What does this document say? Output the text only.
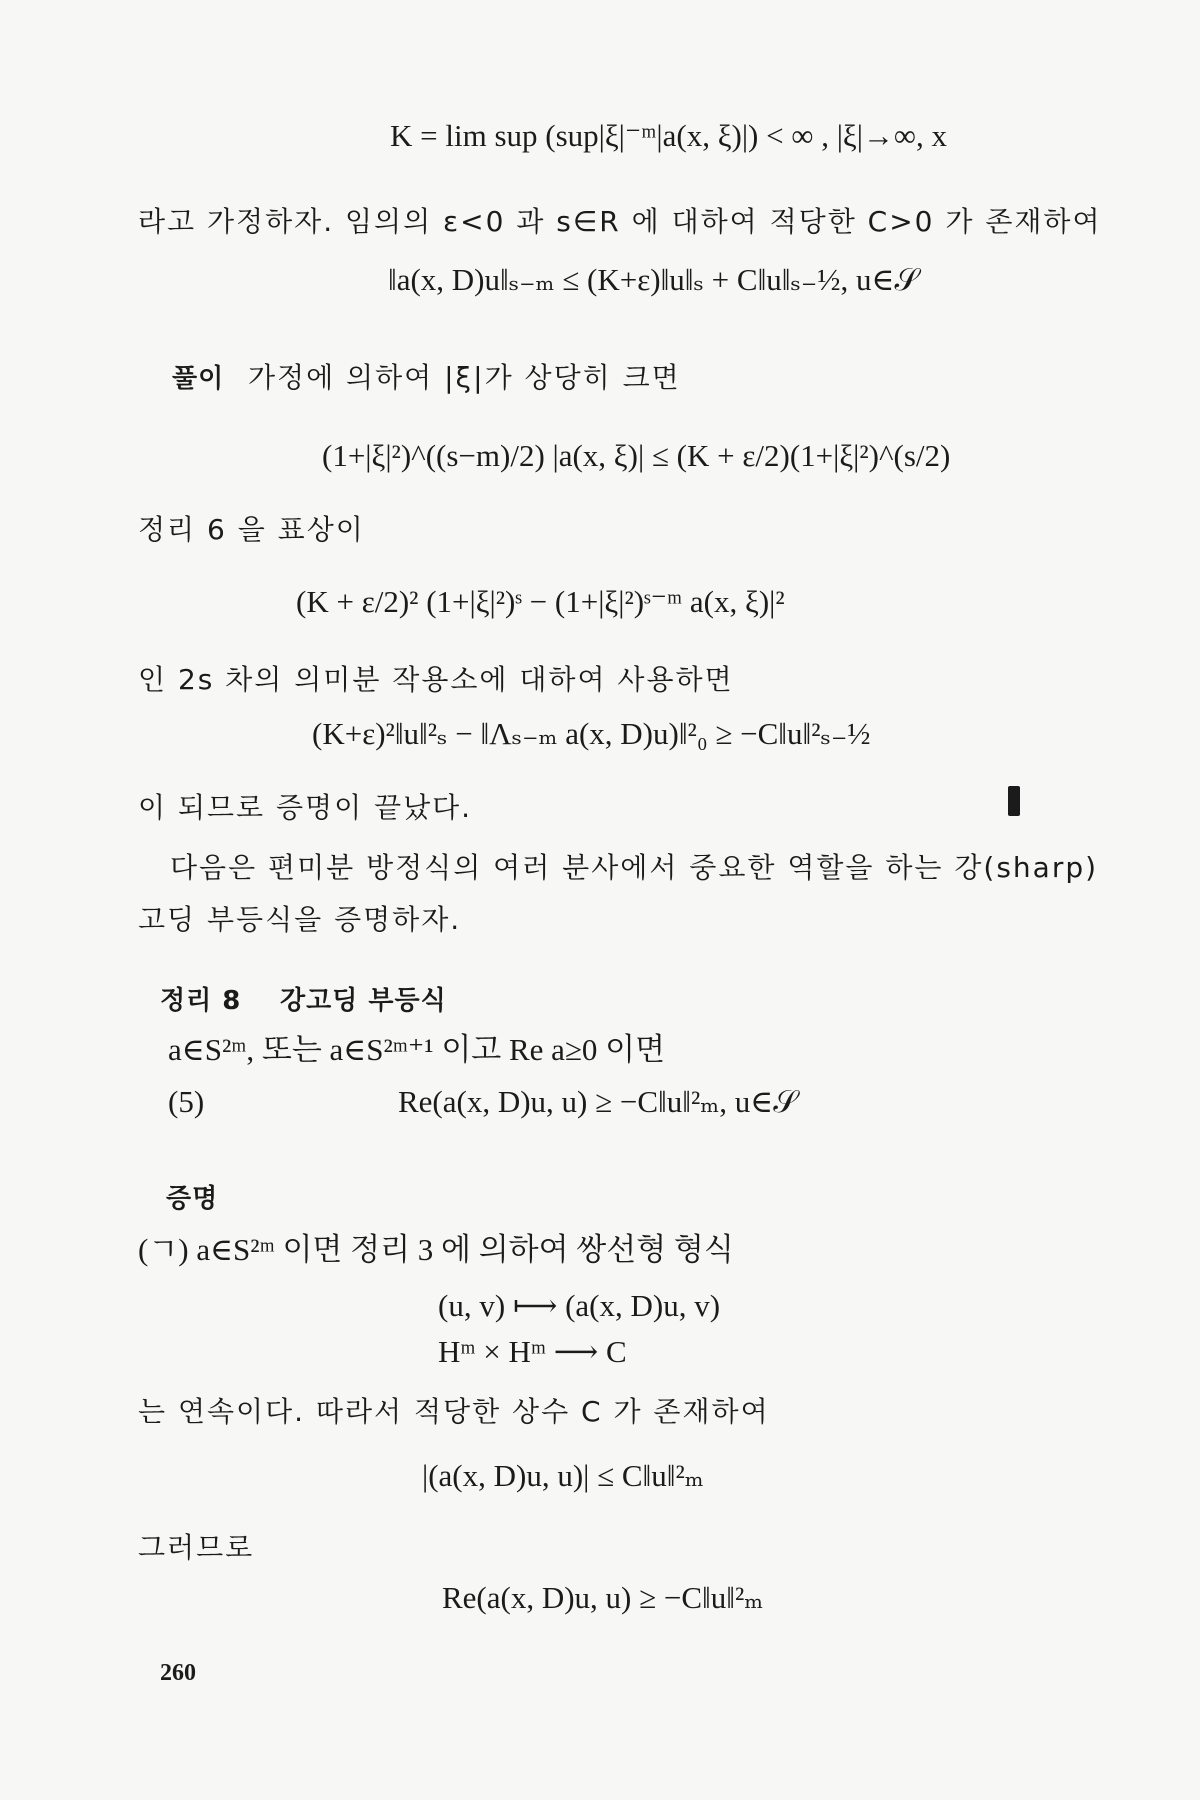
K = lim sup (sup|ξ|⁻ᵐ|a(x, ξ)|) < ∞ , |ξ|→∞, x
라고 가정하자. 임의의 ε<0 과 s∈R 에 대하여 적당한 C>0 가 존재하여
‖a(x, D)u‖ₛ₋ₘ ≤ (K+ε)‖u‖ₛ + C‖u‖ₛ₋½, u∈𝒮
풀이 가정에 의하여 |ξ|가 상당히 크면
(1+|ξ|²)^((s−m)/2) |a(x, ξ)| ≤ (K + ε/2)(1+|ξ|²)^(s/2)
정리 6 을 표상이
(K + ε/2)² (1+|ξ|²)ˢ − (1+|ξ|²)ˢ⁻ᵐ a(x, ξ)|²
인 2s 차의 의미분 작용소에 대하여 사용하면
(K+ε)²‖u‖²ₛ − ‖Λₛ₋ₘ a(x, D)u)‖²₀ ≥ −C‖u‖²ₛ₋½
이 되므로 증명이 끝났다.
다음은 편미분 방정식의 여러 분사에서 중요한 역할을 하는 강(sharp)
고딩 부등식을 증명하자.
정리 8 강고딩 부등식
a∈S²ᵐ, 또는 a∈S²ᵐ⁺¹ 이고 Re a≥0 이면
(5)	Re(a(x, D)u, u) ≥ −C‖u‖²ₘ, u∈𝒮
증명
(ㄱ) a∈S²ᵐ 이면 정리 3 에 의하여 쌍선형 형식
(u, v) ⟼ (a(x, D)u, v)
Hᵐ × Hᵐ ⟶ C
는 연속이다. 따라서 적당한 상수 C 가 존재하여
|(a(x, D)u, u)| ≤ C‖u‖²ₘ
그러므로
Re(a(x, D)u, u) ≥ −C‖u‖²ₘ
260
